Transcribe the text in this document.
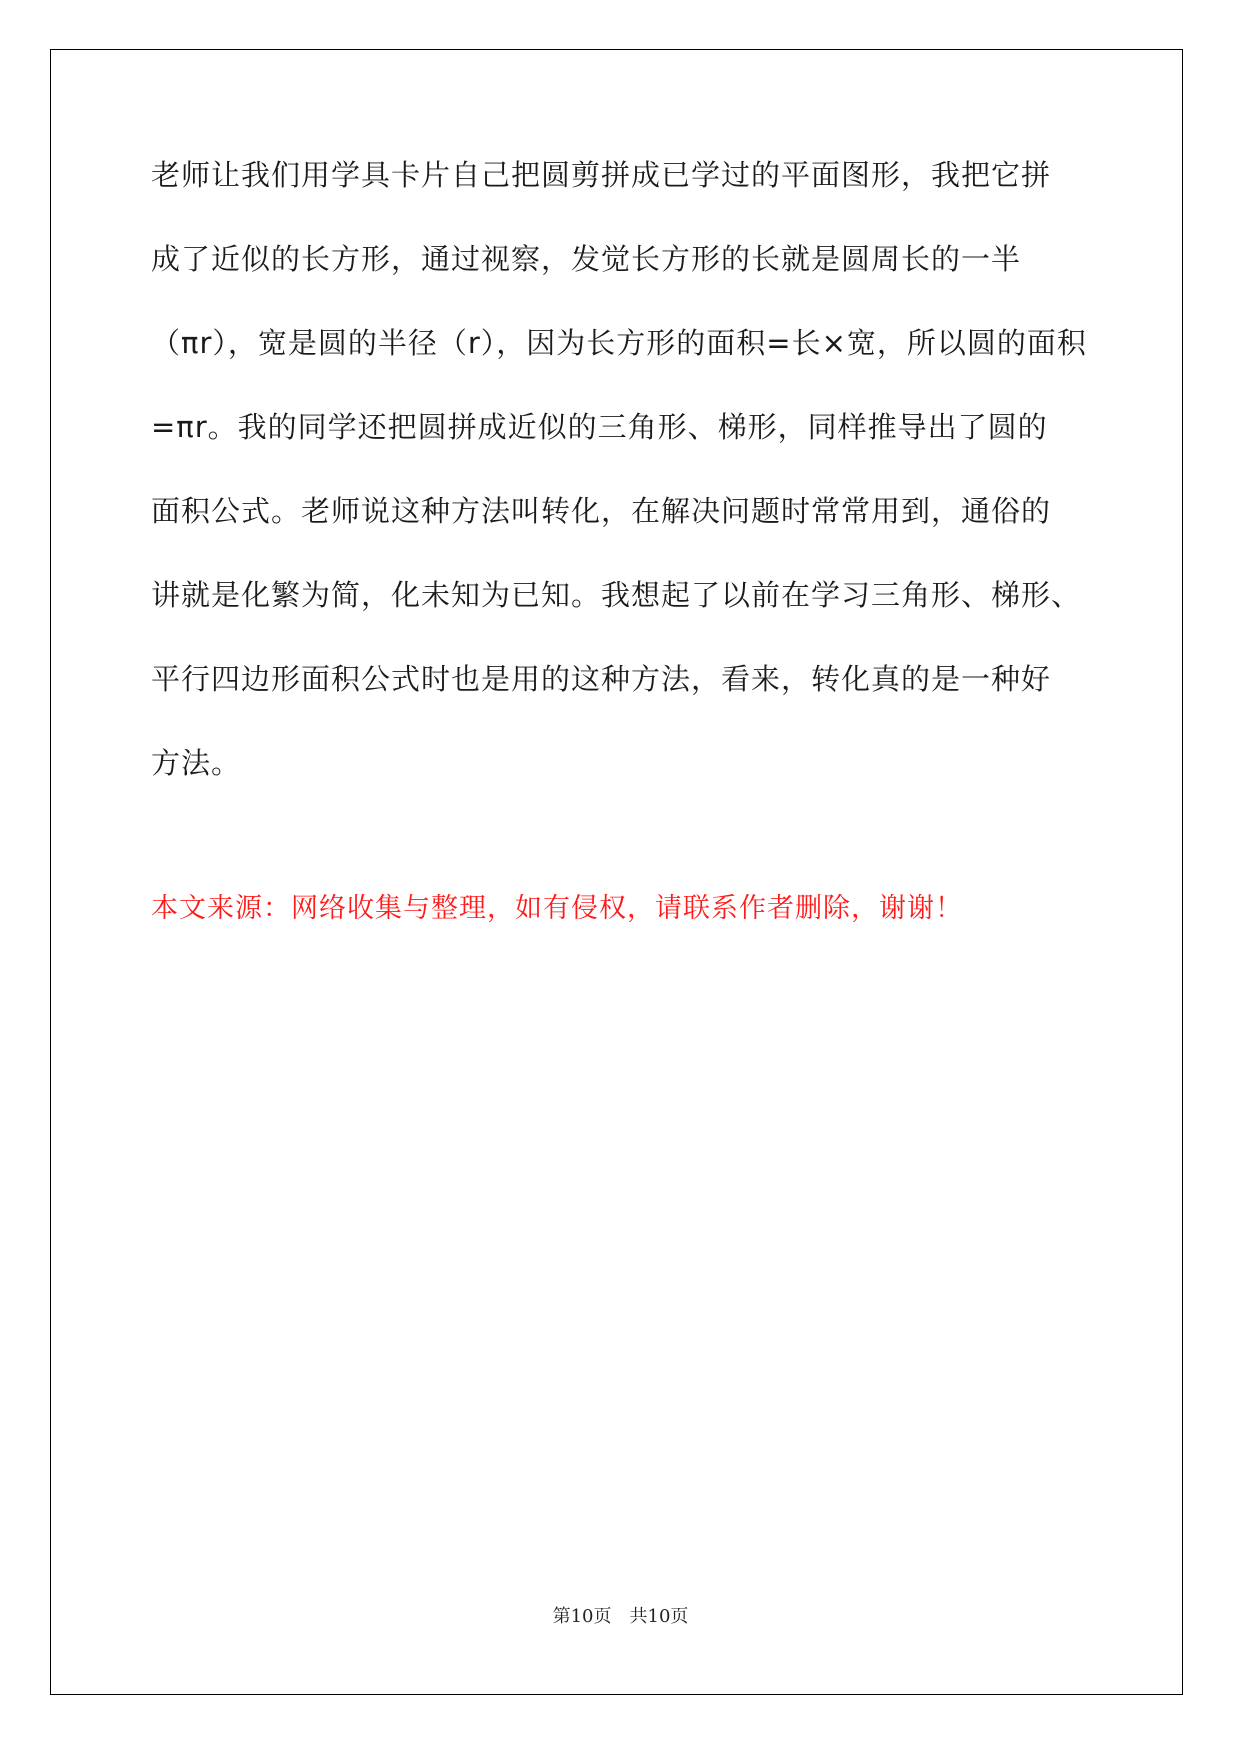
老师让我们用学具卡片自己把圆剪拼成已学过的平面图形，我把它拼
成了近似的长方形，通过视察，发觉长方形的长就是圆周长的一半
（πr），宽是圆的半径（r），因为长方形的面积=长×宽，所以圆的面积
=πr。我的同学还把圆拼成近似的三角形、梯形，同样推导出了圆的
面积公式。老师说这种方法叫转化，在解决问题时常常用到，通俗的
讲就是化繁为简，化未知为已知。我想起了以前在学习三角形、梯形、
平行四边形面积公式时也是用的这种方法，看来，转化真的是一种好
方法。
本文来源：网络收集与整理，如有侵权，请联系作者删除，谢谢！
第10页 共10页
